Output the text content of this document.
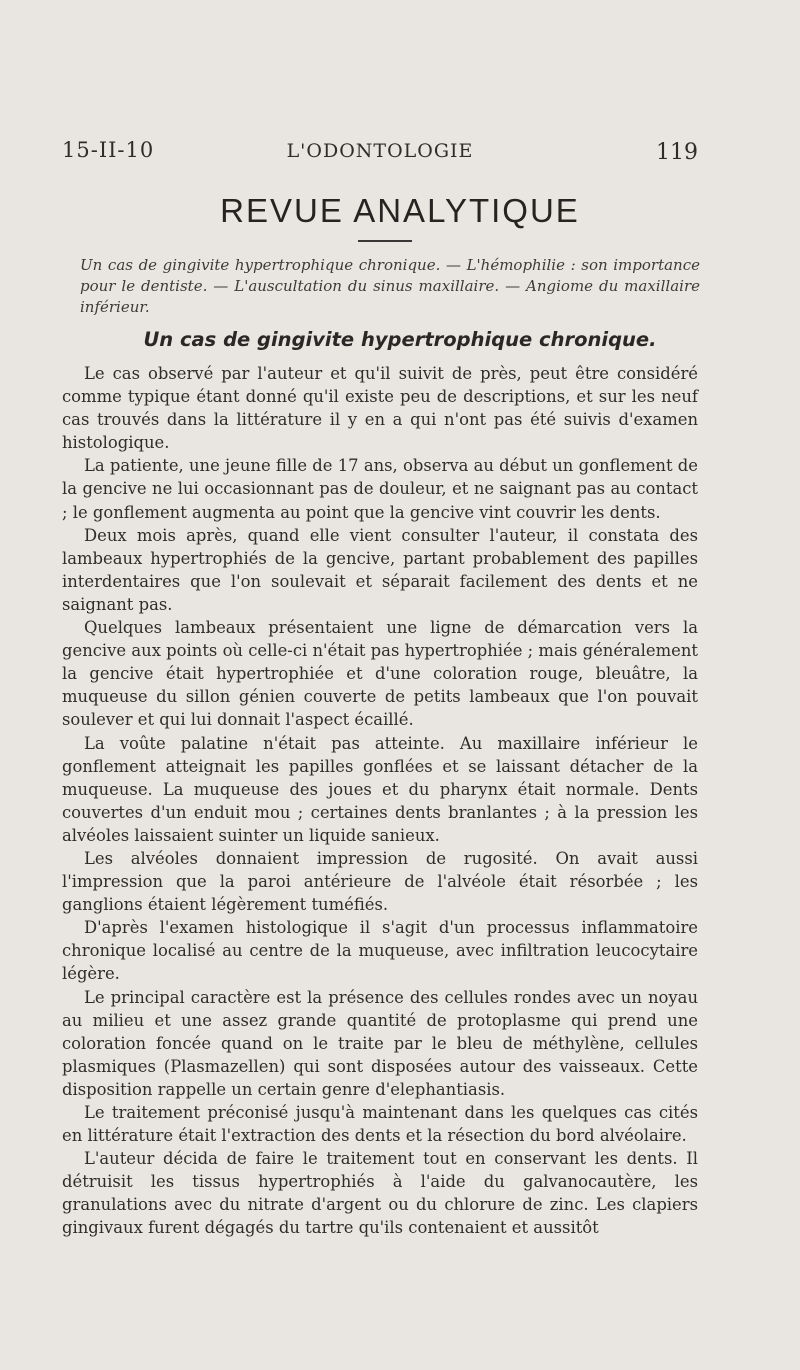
15-II-10	L'ODONTOLOGIE	119
REVUE ANALYTIQUE
Un cas de gingivite hypertrophique chronique. — L'hémophilie : son importance pour le dentiste. — L'auscultation du sinus maxillaire. — Angiome du maxillaire inférieur.
Un cas de gingivite hypertrophique chronique.

Le cas observé par l'auteur et qu'il suivit de près, peut être considéré comme typique étant donné qu'il existe peu de descriptions, et sur les neuf cas trouvés dans la littérature il y en a qui n'ont pas été suivis d'examen histologique.

La patiente, une jeune fille de 17 ans, observa au début un gonflement de la gencive ne lui occasionnant pas de douleur, et ne saignant pas au contact ; le gonflement augmenta au point que la gencive vint couvrir les dents.

Deux mois après, quand elle vient consulter l'auteur, il constata des lambeaux hypertrophiés de la gencive, partant probablement des papilles interdentaires que l'on soulevait et séparait facilement des dents et ne saignant pas.

Quelques lambeaux présentaient une ligne de démarcation vers la gencive aux points où celle-ci n'était pas hypertrophiée ; mais généralement la gencive était hypertrophiée et d'une coloration rouge, bleuâtre, la muqueuse du sillon génien couverte de petits lambeaux que l'on pouvait soulever et qui lui donnait l'aspect écaillé.

La voûte palatine n'était pas atteinte. Au maxillaire inférieur le gonflement atteignait les papilles gonflées et se laissant détacher de la muqueuse. La muqueuse des joues et du pharynx était normale. Dents couvertes d'un enduit mou ; certaines dents branlantes ; à la pression les alvéoles laissaient suinter un liquide sanieux.

Les alvéoles donnaient impression de rugosité. On avait aussi l'impression que la paroi antérieure de l'alvéole était résorbée ; les ganglions étaient légèrement tuméfiés.

D'après l'examen histologique il s'agit d'un processus inflammatoire chronique localisé au centre de la muqueuse, avec infiltration leucocytaire légère.

Le principal caractère est la présence des cellules rondes avec un noyau au milieu et une assez grande quantité de protoplasme qui prend une coloration foncée quand on le traite par le bleu de méthylène, cellules plasmiques (Plasmazellen) qui sont disposées autour des vaisseaux. Cette disposition rappelle un certain genre d'elephantiasis.

Le traitement préconisé jusqu'à maintenant dans les quelques cas cités en littérature était l'extraction des dents et la résection du bord alvéolaire.

L'auteur décida de faire le traitement tout en conservant les dents. Il détruisit les tissus hypertrophiés à l'aide du galvanocautère, les granulations avec du nitrate d'argent ou du chlorure de zinc. Les clapiers gingivaux furent dégagés du tartre qu'ils contenaient et aussitôt
